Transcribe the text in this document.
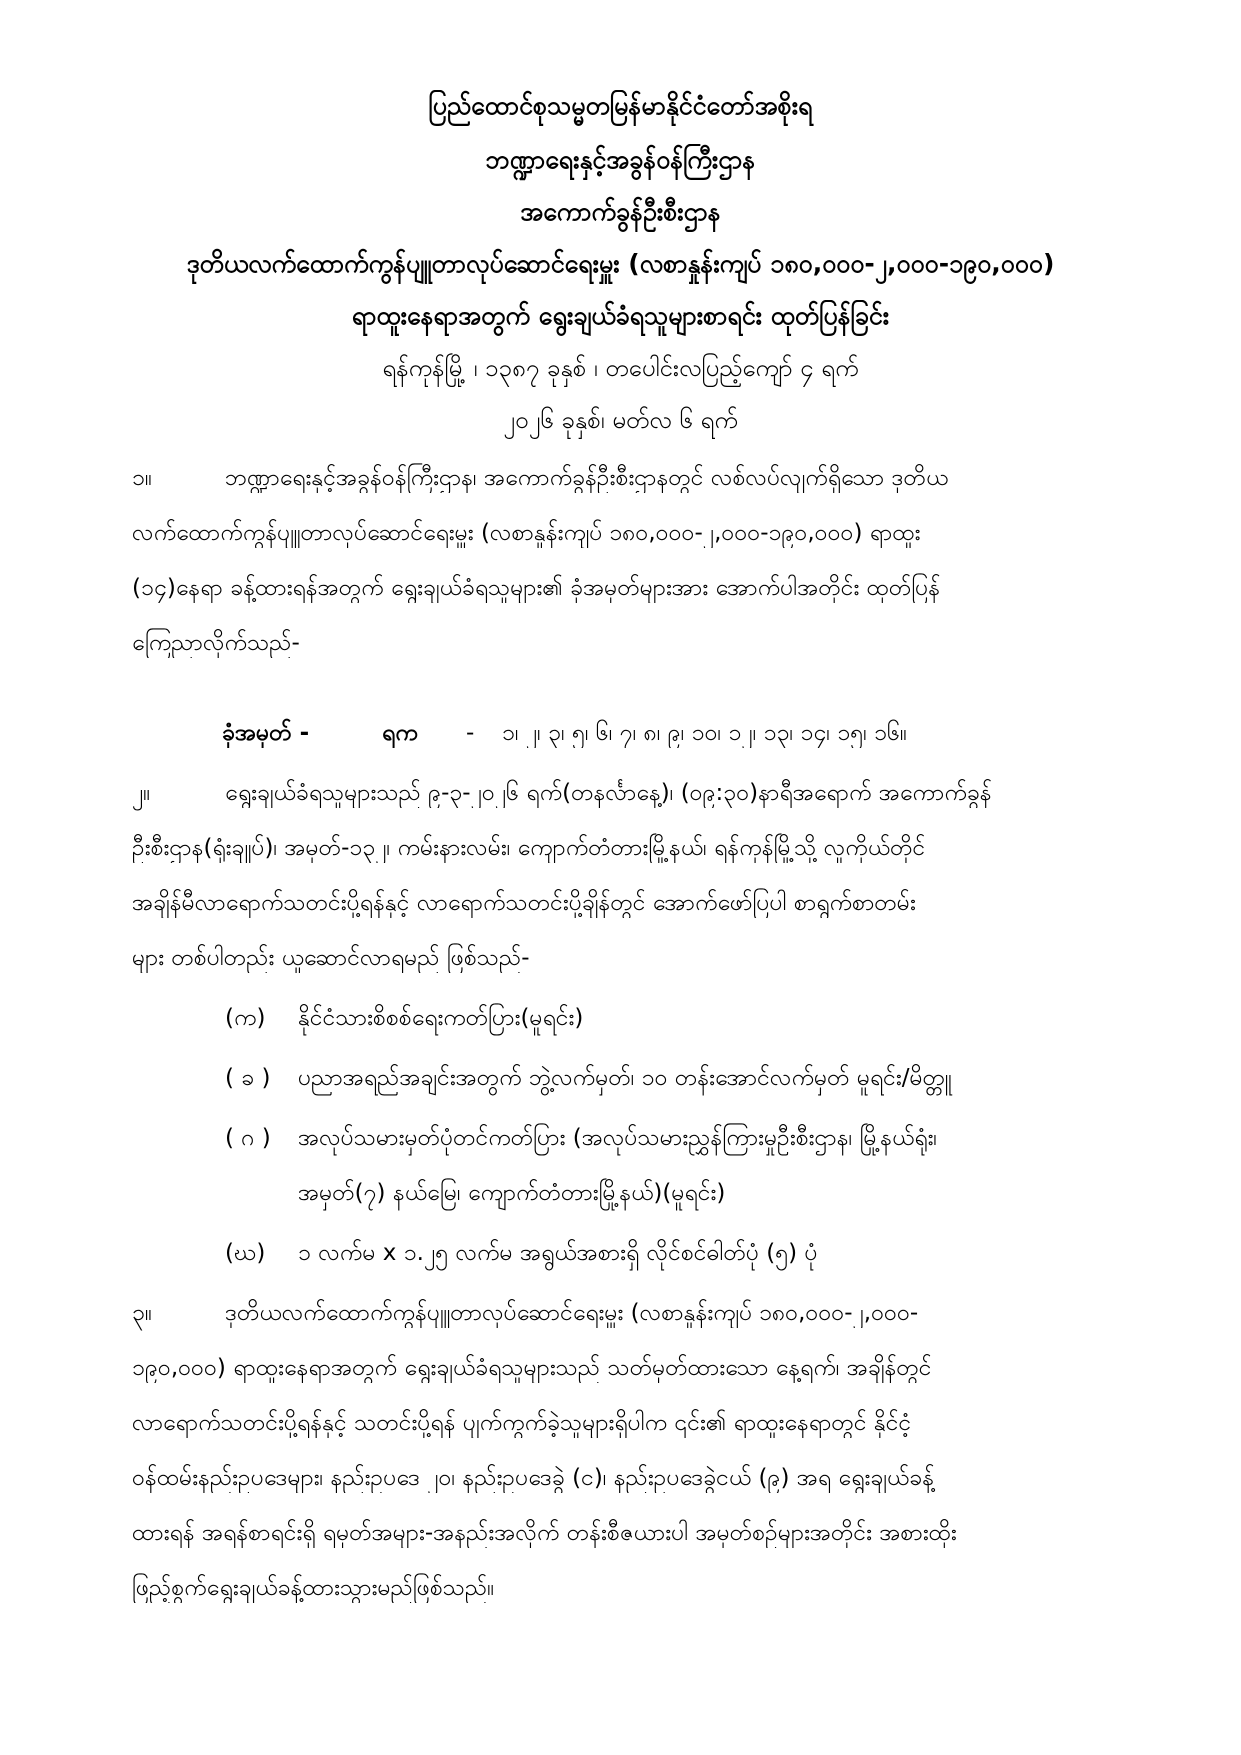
ပြည်ထောင်စုသမ္မတမြန်မာနိုင်ငံတော်အစိုးရ
ဘဏ္ဍာရေးနှင့်အခွန်ဝန်ကြီးဌာန
အကောက်ခွန်ဦးစီးဌာန
ဒုတိယလက်ထောက်ကွန်ပျူတာလုပ်ဆောင်ရေးမှူး (လစာနှုန်းကျပ် ၁၈၀,၀၀၀-၂,၀၀၀-၁၉၀,၀၀၀)
ရာထူးနေရာအတွက် ရွေးချယ်ခံရသူများစာရင်း ထုတ်ပြန်ခြင်း
ရန်ကုန်မြို့ ၊ ၁၃၈၇ ခုနှစ် ၊ တပေါင်းလပြည့်ကျော် ၄ ရက်
၂၀၂၆ ခုနှစ်၊ မတ်လ ၆ ရက်
၁။	ဘဏ္ဍာရေးနှင့်အခွန်ဝန်ကြီးဌာန၊ အကောက်ခွန်ဦးစီးဌာနတွင် လစ်လပ်လျက်ရှိသော ဒုတိယ
လက်ထောက်ကွန်ပျူတာလုပ်ဆောင်ရေးမှူး (လစာနှုန်းကျပ် ၁၈၀,၀၀၀-၂,၀၀၀-၁၉၀,၀၀၀) ရာထူး
(၁၄)နေရာ ခန့်ထားရန်အတွက် ရွေးချယ်ခံရသူများ၏ ခုံအမှတ်များအား အောက်ပါအတိုင်း ထုတ်ပြန်
ကြေညာလိုက်သည်-
ခုံအမှတ် -	ရက - ၁၊ ၂၊ ၃၊ ၅၊ ၆၊ ၇၊ ၈၊ ၉၊ ၁၀၊ ၁၂၊ ၁၃၊ ၁၄၊ ၁၅၊ ၁၆။
၂။	ရွေးချယ်ခံရသူများသည် ၉-၃-၂၀၂၆ ရက်(တနင်္လာနေ့)၊ (၀၉:၃၀)နာရီအရောက် အကောက်ခွန်
ဦးစီးဌာန(ရုံးချုပ်)၊ အမှတ်-၁၃၂၊ ကမ်းနားလမ်း၊ ကျောက်တံတားမြို့နယ်၊ ရန်ကုန်မြို့သို့ လူကိုယ်တိုင်
အချိန်မီလာရောက်သတင်းပို့ရန်နှင့် လာရောက်သတင်းပို့ချိန်တွင် အောက်ဖော်ပြပါ စာရွက်စာတမ်း
များ တစ်ပါတည်း ယူဆောင်လာရမည် ဖြစ်သည်-
(က) နိုင်ငံသားစိစစ်ရေးကတ်ပြား(မူရင်း)
( ခ ) ပညာအရည်အချင်းအတွက် ဘွဲ့လက်မှတ်၊ ၁၀ တန်းအောင်လက်မှတ် မူရင်း/မိတ္တူ
( ဂ ) အလုပ်သမားမှတ်ပုံတင်ကတ်ပြား (အလုပ်သမားညွှန်ကြားမှုဦးစီးဌာန၊ မြို့နယ်ရုံး၊
အမှတ်(၇) နယ်မြေ၊ ကျောက်တံတားမြို့နယ်)(မူရင်း)
(ဃ) ၁ လက်မ x ၁.၂၅ လက်မ အရွယ်အစားရှိ လိုင်စင်ဓါတ်ပုံ (၅) ပုံ
၃။	ဒုတိယလက်ထောက်ကွန်ပျူတာလုပ်ဆောင်ရေးမှူး (လစာနှုန်းကျပ် ၁၈၀,၀၀၀-၂,၀၀၀-
၁၉၀,၀၀၀) ရာထူးနေရာအတွက် ရွေးချယ်ခံရသူများသည် သတ်မှတ်ထားသော နေ့ရက်၊ အချိန်တွင်
လာရောက်သတင်းပို့ရန်နှင့် သတင်းပို့ရန် ပျက်ကွက်ခဲ့သူများရှိပါက ၎င်း၏ ရာထူးနေရာတွင် နိုင်ငံ့
ဝန်ထမ်းနည်းဥပဒေများ၊ နည်းဥပဒေ ၂၀၊ နည်းဥပဒေခွဲ (င)၊ နည်းဥပဒေခွဲငယ် (၉) အရ ရွေးချယ်ခန့်
ထားရန် အရန်စာရင်းရှိ ရမှတ်အများ-အနည်းအလိုက် တန်းစီဇယားပါ အမှတ်စဉ်များအတိုင်း အစားထိုး
ဖြည့်စွက်ရွေးချယ်ခန့်ထားသွားမည်ဖြစ်သည်။
